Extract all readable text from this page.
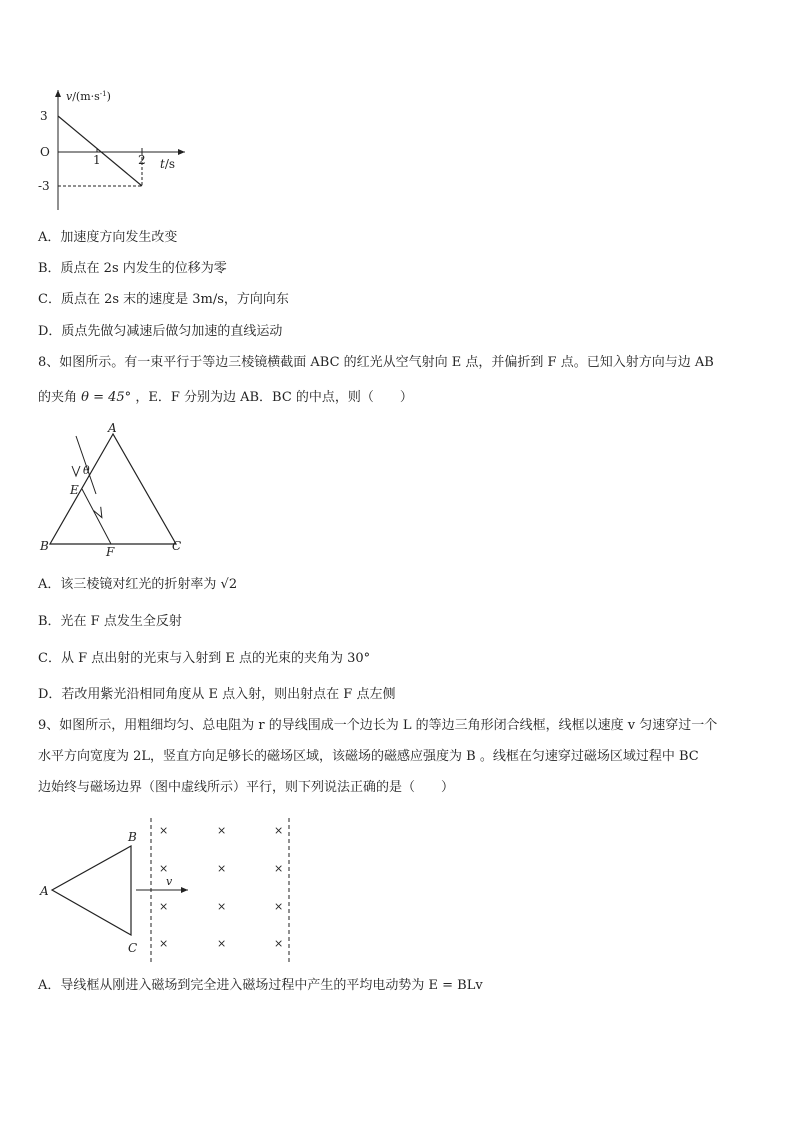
$v/(m\cdot s^{-1})$
3
O
-3
1	2 t/s
A．加速度方向发生改变
B．质点在 2s 内发生的位移为零
C．质点在 2s 末的速度是 3m/s，方向向东
D．质点先做匀减速后做匀加速的直线运动
8、如图所示。有一束平行于等边三棱镜横截面 ABC 的红光从空气射向 E 点，并偏折到 F 点。已知入射方向与边 AB
的夹角 θ = 45° ，E．F 分别为边 AB．BC 的中点，则（　　）
A
B	C
E
F
θ
A．该三棱镜对红光的折射率为 √2
B．光在 F 点发生全反射
C．从 F 点出射的光束与入射到 E 点的光束的夹角为 30°
D．若改用紫光沿相同角度从 E 点入射，则出射点在 F 点左侧
9、如图所示，用粗细均匀、总电阻为 r 的导线围成一个边长为 L 的等边三角形闭合线框，线框以速度 v 匀速穿过一个
水平方向宽度为 2L，竖直方向足够长的磁场区域，该磁场的磁感应强度为 B 。线框在匀速穿过磁场区域过程中 BC
边始终与磁场边界（图中虚线所示）平行，则下列说法正确的是（　　）
A
B
C
v
×	×	×
×	×	×
×	×	×
×	×	×
A．导线框从刚进入磁场到完全进入磁场过程中产生的平均电动势为 E = BLv
